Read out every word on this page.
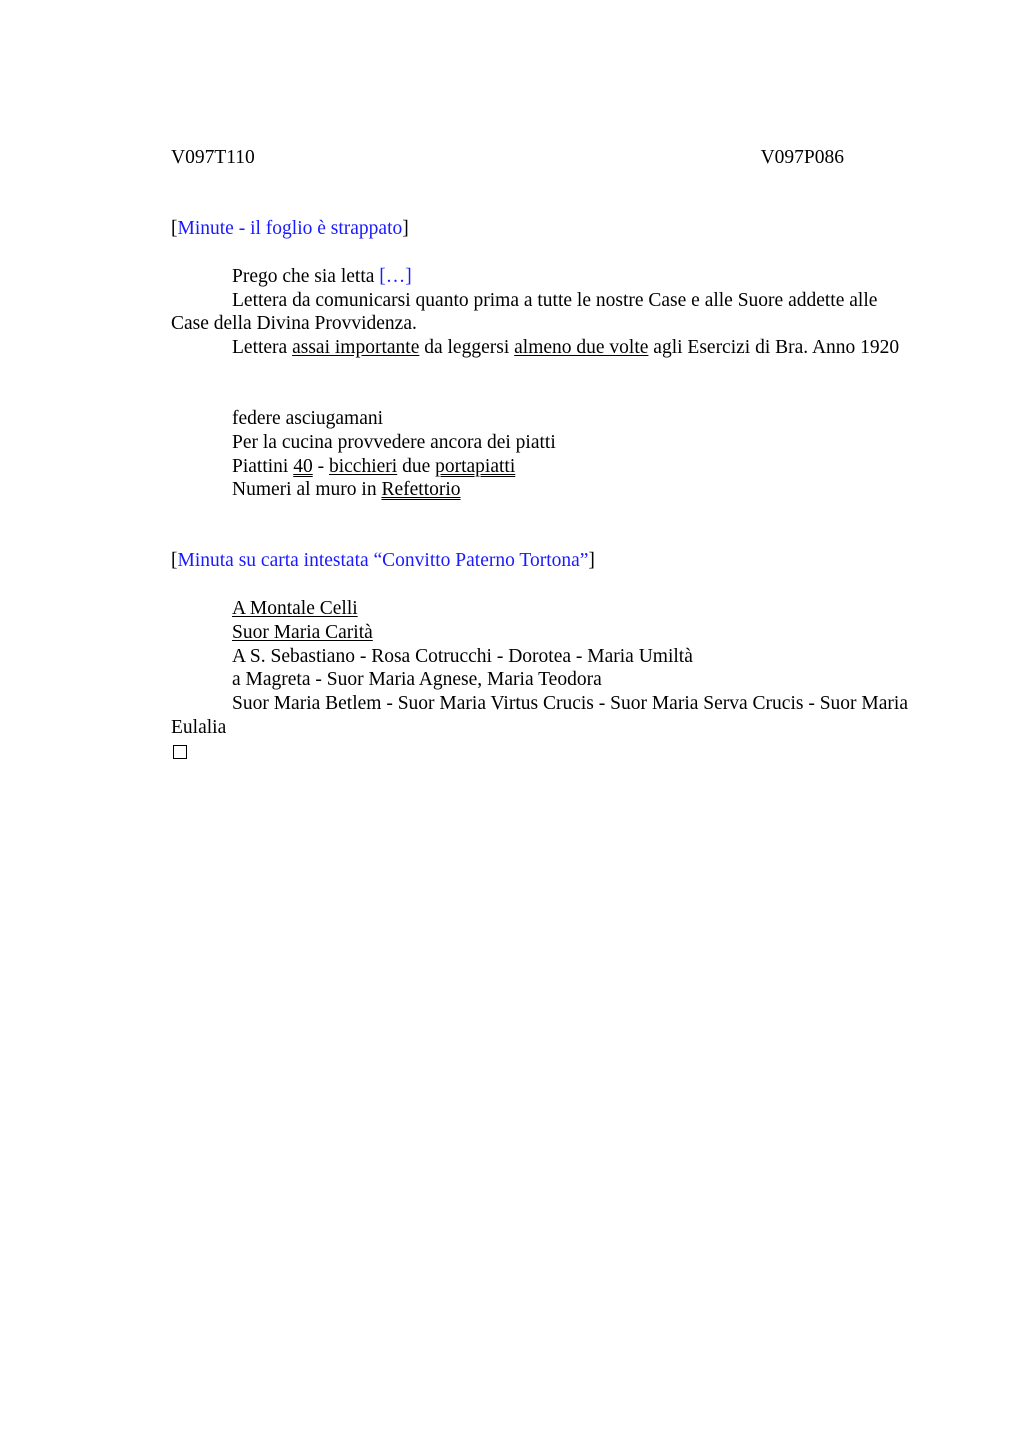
V097T110	V097P086

[Minute - il foglio è strappato]

Prego che sia letta […]

Lettera da comunicarsi quanto prima a tutte le nostre Case e alle Suore addette alle Case della Divina Provvidenza.

Lettera assai importante da leggersi almeno due volte agli Esercizi di Bra. Anno 1920

federe asciugamani

Per la cucina provvedere ancora dei piatti

Piattini 40 - bicchieri due portapiatti

Numeri al muro in Refettorio

[Minuta su carta intestata “Convitto Paterno Tortona”]

A Montale Celli

Suor Maria Carità

A S. Sebastiano - Rosa Cotrucchi - Dorotea - Maria Umiltà

a Magreta - Suor Maria Agnese, Maria Teodora

Suor Maria Betlem - Suor Maria Virtus Crucis - Suor Maria Serva Crucis - Suor Maria Eulalia
